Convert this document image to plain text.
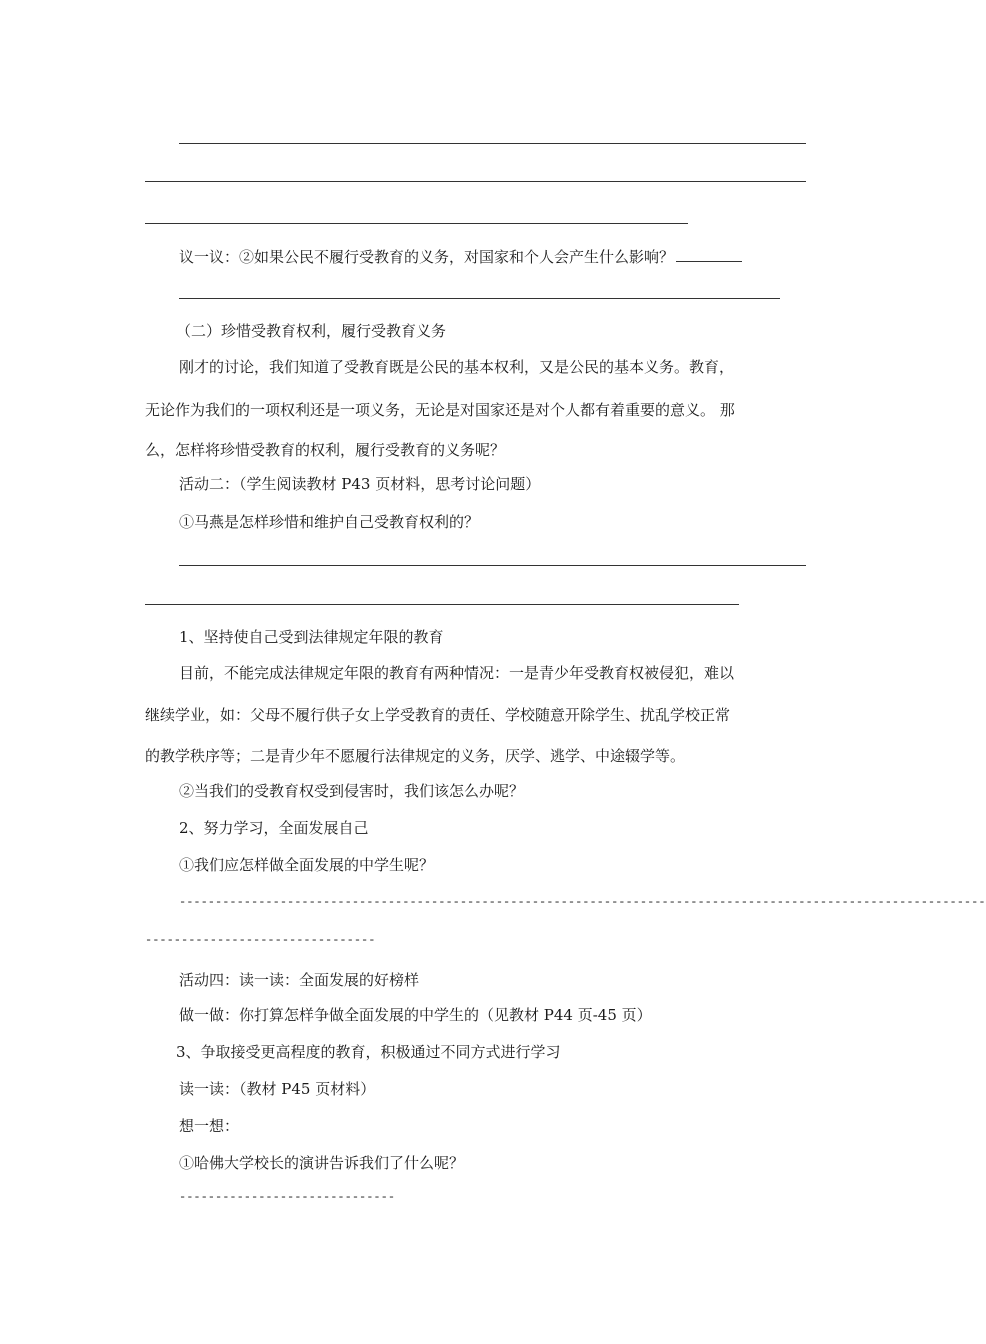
议一议：②如果公民不履行受教育的义务，对国家和个人会产生什么影响？
（二）珍惜受教育权利，履行受教育义务
刚才的讨论，我们知道了受教育既是公民的基本权利，又是公民的基本义务。教育，
无论作为我们的一项权利还是一项义务，无论是对国家还是对个人都有着重要的意义。 那
么，怎样将珍惜受教育的权利，履行受教育的义务呢？
活动二：（学生阅读教材 P43 页材料，思考讨论问题）
①马燕是怎样珍惜和维护自己受教育权利的？
1、坚持使自己受到法律规定年限的教育
目前，不能完成法律规定年限的教育有两种情况：一是青少年受教育权被侵犯，难以
继续学业，如：父母不履行供子女上学受教育的责任、学校随意开除学生、扰乱学校正常
的教学秩序等；二是青少年不愿履行法律规定的义务，厌学、逃学、中途辍学等。
②当我们的受教育权受到侵害时，我们该怎么办呢？
2、努力学习，全面发展自己
①我们应怎样做全面发展的中学生呢？
----------------------------------------------------------------------------------------------------------------
--------------------------------
活动四：读一读：全面发展的好榜样
做一做：你打算怎样争做全面发展的中学生的（见教材 P44 页-45 页）
3、争取接受更高程度的教育，积极通过不同方式进行学习
读一读：（教材 P45 页材料）
想一想：
①哈佛大学校长的演讲告诉我们了什么呢？
------------------------------
